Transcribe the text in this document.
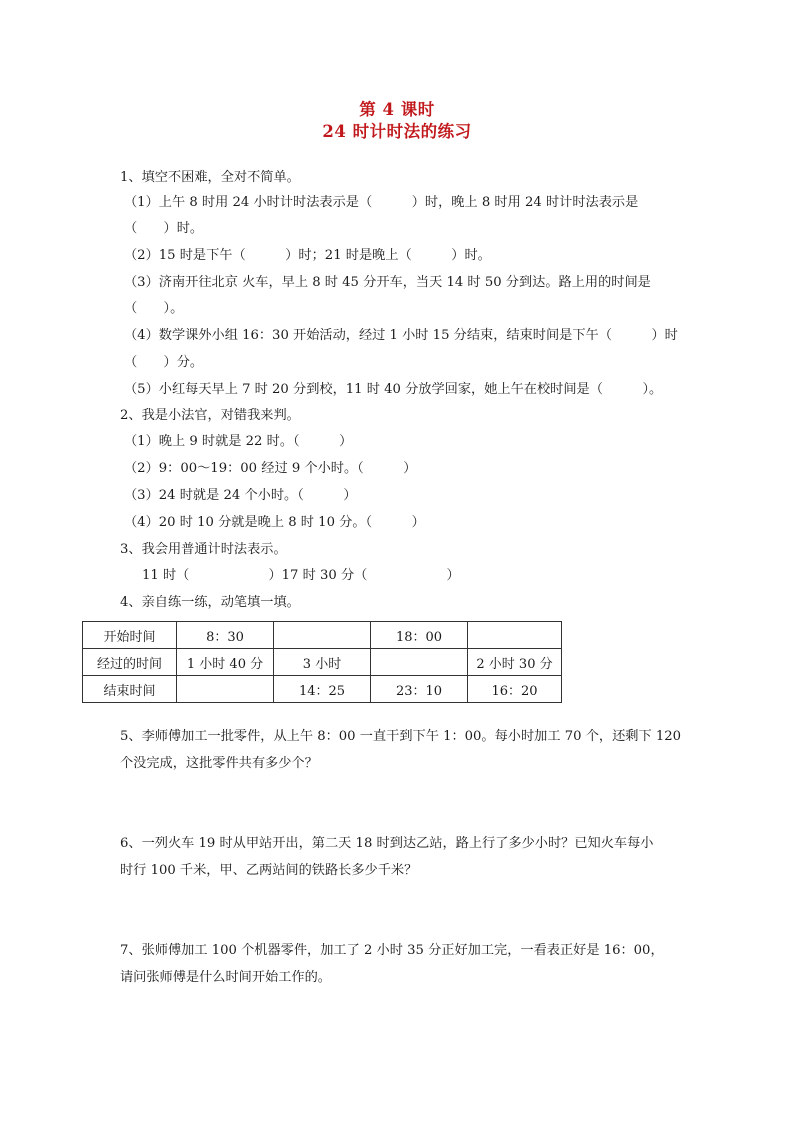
第 4 课时
24 时计时法的练习
1、填空不困难，全对不简单。
（1）上午 8 时用 24 小时计时法表示是（　　　）时，晚上 8 时用 24 时计时法表示是
（　　）时。
（2）15 时是下午（　　　）时；21 时是晚上（　　　）时。
（3）济南开往北京 火车，早上 8 时 45 分开车，当天 14 时 50 分到达。路上用的时间是
（　　）。
（4）数学课外小组 16：30 开始活动，经过 1 小时 15 分结束，结束时间是下午（　　　）时
（　　）分。
（5）小红每天早上 7 时 20 分到校，11 时 40 分放学回家，她上午在校时间是（　　　）。
2、我是小法官，对错我来判。
（1）晚上 9 时就是 22 时。（　　　）
（2）9：00～19：00 经过 9 个小时。（　　　）
（3）24 时就是 24 个小时。（　　　）
（4）20 时 10 分就是晚上 8 时 10 分。（　　　）
3、我会用普通计时法表示。
11 时（　　　　　　）17 时 30 分（　　　　　　）
4、亲自练一练，动笔填一填。
开始时间	8：30		18：00	
经过的时间	1 小时 40 分	3 小时		2 小时 30 分
结束时间		14：25	23：10	16：20
5、李师傅加工一批零件，从上午 8：00 一直干到下午 1：00。每小时加工 70 个，还剩下 120
个没完成，这批零件共有多少个？
6、一列火车 19 时从甲站开出，第二天 18 时到达乙站，路上行了多少小时？已知火车每小
时行 100 千米，甲、乙两站间的铁路长多少千米？
7、张师傅加工 100 个机器零件，加工了 2 小时 35 分正好加工完，一看表正好是 16：00，
请问张师傅是什么时间开始工作的。
